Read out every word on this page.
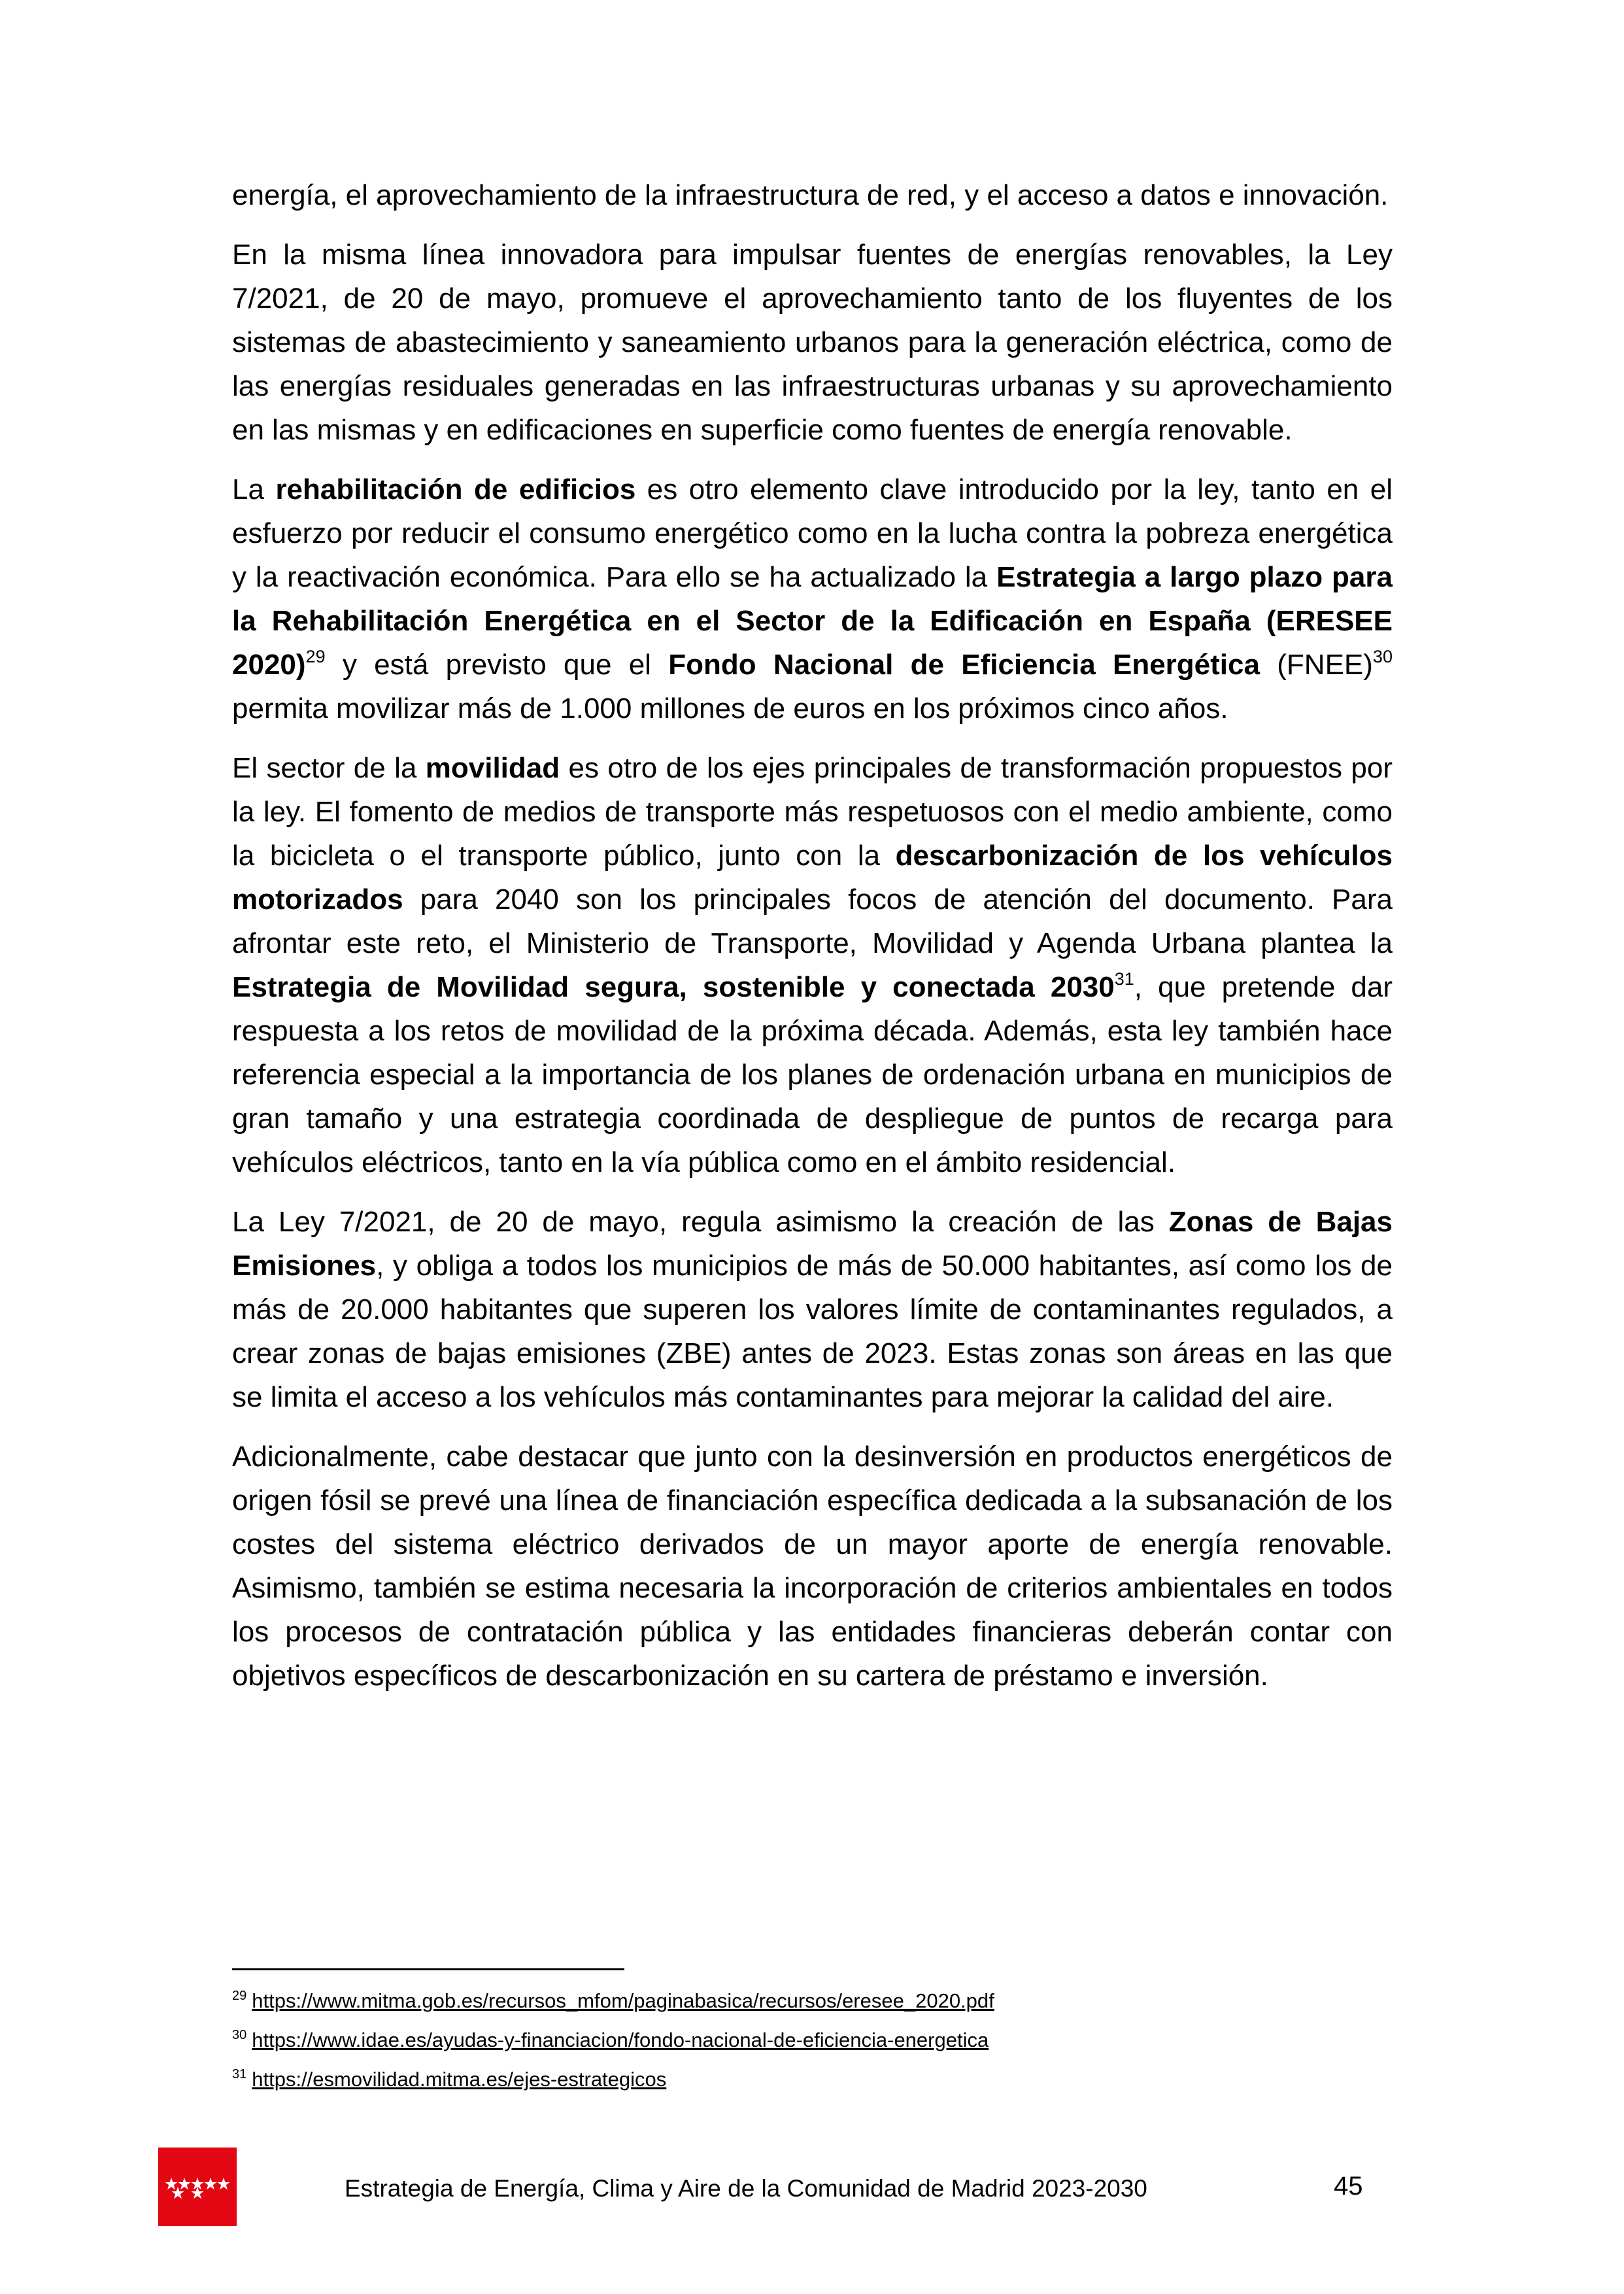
energía, el aprovechamiento de la infraestructura de red, y el acceso a datos e innovación.

En la misma línea innovadora para impulsar fuentes de energías renovables, la Ley 7/2021, de 20 de mayo, promueve el aprovechamiento tanto de los fluyentes de los sistemas de abastecimiento y saneamiento urbanos para la generación eléctrica, como de las energías residuales generadas en las infraestructuras urbanas y su aprovechamiento en las mismas y en edificaciones en superficie como fuentes de energía renovable.

La rehabilitación de edificios es otro elemento clave introducido por la ley, tanto en el esfuerzo por reducir el consumo energético como en la lucha contra la pobreza energética y la reactivación económica. Para ello se ha actualizado la Estrategia a largo plazo para la Rehabilitación Energética en el Sector de la Edificación en España (ERESEE 2020)$^{29}$ y está previsto que el Fondo Nacional de Eficiencia Energética (FNEE)$^{30}$ permita movilizar más de 1.000 millones de euros en los próximos cinco años.

El sector de la movilidad es otro de los ejes principales de transformación propuestos por la ley. El fomento de medios de transporte más respetuosos con el medio ambiente, como la bicicleta o el transporte público, junto con la descarbonización de los vehículos motorizados para 2040 son los principales focos de atención del documento. Para afrontar este reto, el Ministerio de Transporte, Movilidad y Agenda Urbana plantea la Estrategia de Movilidad segura, sostenible y conectada 2030$^{31}$, que pretende dar respuesta a los retos de movilidad de la próxima década. Además, esta ley también hace referencia especial a la importancia de los planes de ordenación urbana en municipios de gran tamaño y una estrategia coordinada de despliegue de puntos de recarga para vehículos eléctricos, tanto en la vía pública como en el ámbito residencial.

La Ley 7/2021, de 20 de mayo, regula asimismo la creación de las Zonas de Bajas Emisiones, y obliga a todos los municipios de más de 50.000 habitantes, así como los de más de 20.000 habitantes que superen los valores límite de contaminantes regulados, a crear zonas de bajas emisiones (ZBE) antes de 2023. Estas zonas son áreas en las que se limita el acceso a los vehículos más contaminantes para mejorar la calidad del aire.

Adicionalmente, cabe destacar que junto con la desinversión en productos energéticos de origen fósil se prevé una línea de financiación específica dedicada a la subsanación de los costes del sistema eléctrico derivados de un mayor aporte de energía renovable. Asimismo, también se estima necesaria la incorporación de criterios ambientales en todos los procesos de contratación pública y las entidades financieras deberán contar con objetivos específicos de descarbonización en su cartera de préstamo e inversión.

$^{29}$ https://www.mitma.gob.es/recursos_mfom/paginabasica/recursos/eresee_2020.pdf
$^{30}$ https://www.idae.es/ayudas-y-financiacion/fondo-nacional-de-eficiencia-energetica
$^{31}$ https://esmovilidad.mitma.es/ejes-estrategicos
Estrategia de Energía, Clima y Aire de la Comunidad de Madrid 2023-2030	45
